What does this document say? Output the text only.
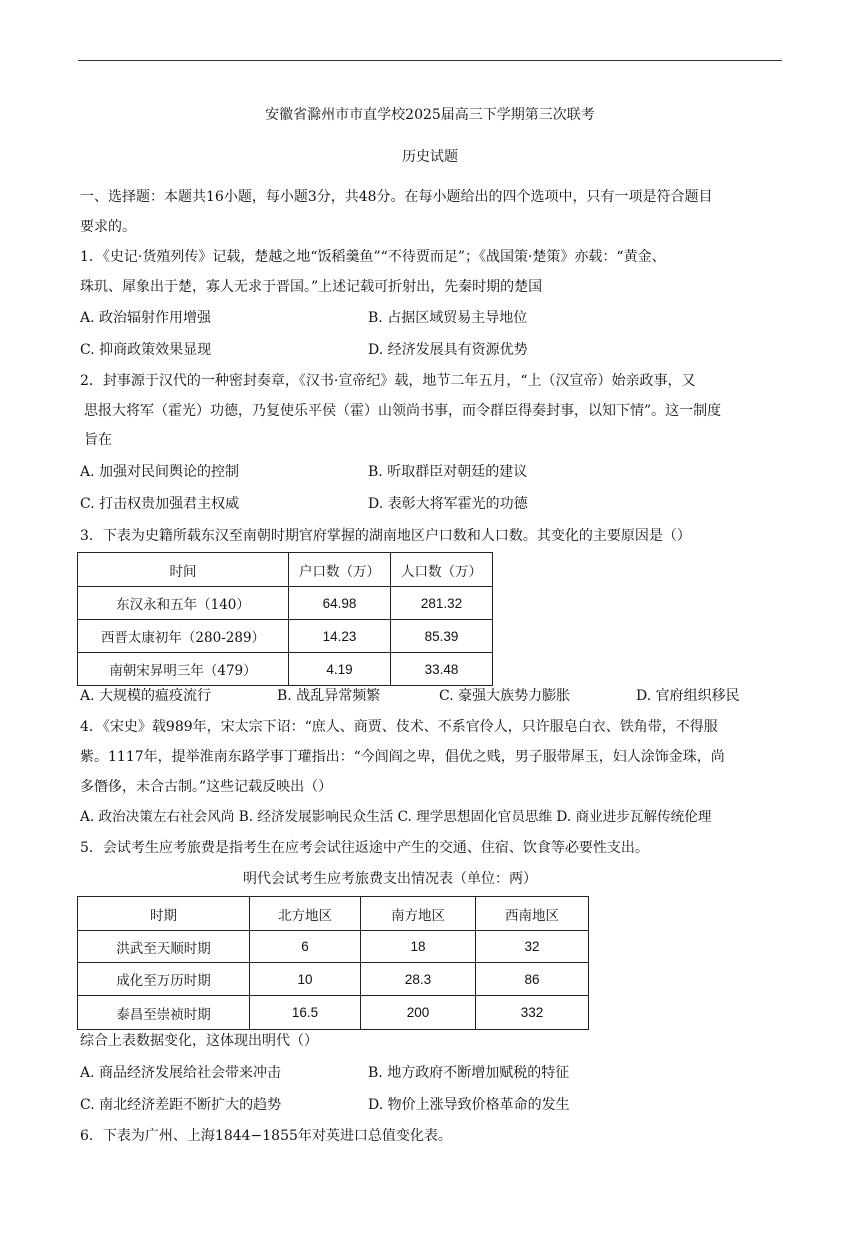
安徽省滁州市市直学校2025届高三下学期第三次联考
历史试题
一、选择题：本题共16小题，每小题3分，共48分。在每小题给出的四个选项中，只有一项是符合题目
要求的。
1．《史记·货殖列传》记载，楚越之地“饭稻羹鱼”“不待贾而足”；《战国策·楚策》亦载：“黄金、
珠玑、犀象出于楚，寡人无求于晋国。”上述记载可折射出，先秦时期的楚国
A. 政治辐射作用增强	B. 占据区域贸易主导地位
C. 抑商政策效果显现	D. 经济发展具有资源优势
2．封事源于汉代的一种密封奏章，《汉书·宣帝纪》载，地节二年五月，“上（汉宣帝）始亲政事，又
思报大将军（霍光）功德，乃复使乐平侯（霍）山领尚书事，而令群臣得奏封事，以知下情”。这一制度
旨在
A. 加强对民间舆论的控制	B. 听取群臣对朝廷的建议
C. 打击权贵加强君主权威	D. 表彰大将军霍光的功德
3．下表为史籍所载东汉至南朝时期官府掌握的湖南地区户口数和人口数。其变化的主要原因是（）
时间	户口数（万）	人口数（万）
东汉永和五年（140）	64.98	281.32
西晋太康初年（280-289）	14.23	85.39
南朝宋昇明三年（479）	4.19	33.48
A. 大规模的瘟疫流行	B. 战乱异常频繁	C. 豪强大族势力膨胀	D. 官府组织移民
4．《宋史》载989年，宋太宗下诏：“庶人、商贾、伎术、不系官伶人，只许服皂白衣、铁角带，不得服
紫。1117年，提举淮南东路学事丁瓘指出：“今闾阎之卑，倡优之贱，男子服带犀玉，妇人涂饰金珠，尚
多僭侈，未合古制。”这些记载反映出（）
A. 政治决策左右社会风尚 B. 经济发展影响民众生活 C. 理学思想固化官员思维 D. 商业进步瓦解传统伦理
5．会试考生应考旅费是指考生在应考会试往返途中产生的交通、住宿、饮食等必要性支出。
明代会试考生应考旅费支出情况表（单位：两）
时期	北方地区	南方地区	西南地区
洪武至天顺时期	6	18	32
成化至万历时期	10	28.3	86
泰昌至崇祯时期	16.5	200	332
综合上表数据变化，这体现出明代（）
A. 商品经济发展给社会带来冲击	B. 地方政府不断增加赋税的特征
C. 南北经济差距不断扩大的趋势	D. 物价上涨导致价格革命的发生
6．下表为广州、上海1844−1855年对英进口总值变化表。
